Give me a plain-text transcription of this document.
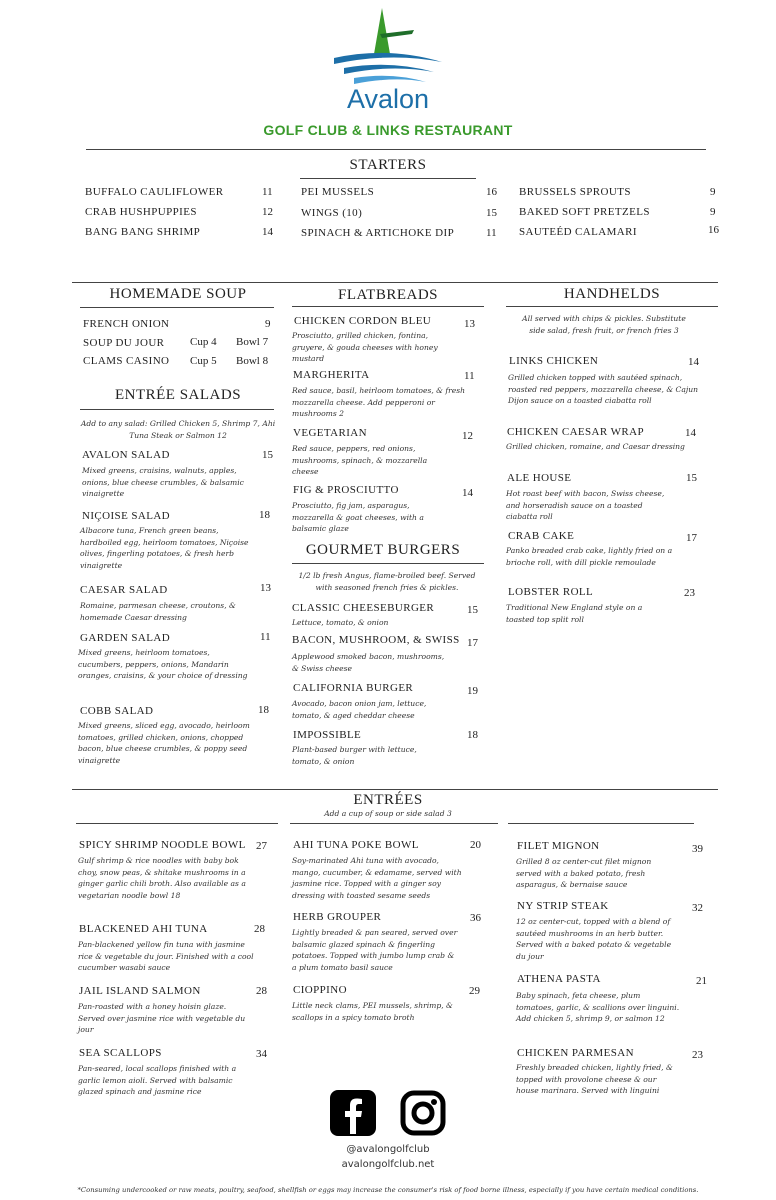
Avalon
GOLF CLUB & LINKS RESTAURANT
STARTERS
BUFFALO CAULIFLOWER	11
CRAB HUSHPUPPIES	12
BANG BANG SHRIMP	14
PEI MUSSELS	16
WINGS (10)	15
SPINACH & ARTICHOKE DIP	11
BRUSSELS SPROUTS	9
BAKED SOFT PRETZELS	9
SAUTEÉD CALAMARI	16
HOMEMADE SOUP
FRENCH ONION	9
SOUP DU JOUR Cup 4 Bowl 7
CLAMS CASINO Cup 5 Bowl 8
ENTRÉE SALADS
Add to any salad: Grilled Chicken 5, Shrimp 7, Ahi Tuna Steak or Salmon 12
AVALON SALAD	15
Mixed greens, craisins, walnuts, apples, onions, blue cheese crumbles, & balsamic vinaigrette
NIÇOISE SALAD	18
Albacore tuna, French green beans, hardboiled egg, heirloom tomatoes, Niçoise olives, fingerling potatoes, & fresh herb vinaigrette
CAESAR SALAD	13
Romaine, parmesan cheese, croutons, & homemade Caesar dressing
GARDEN SALAD	11
Mixed greens, heirloom tomatoes, cucumbers, peppers, onions, Mandarin oranges, craisins, & your choice of dressing
COBB SALAD	18
Mixed greens, sliced egg, avocado, heirloom tomatoes, grilled chicken, onions, chopped bacon, blue cheese crumbles, & poppy seed vinaigrette
FLATBREADS
CHICKEN CORDON BLEU	13
Prosciutto, grilled chicken, fontina, gruyere, & gouda cheeses with honey mustard
MARGHERITA	11
Red sauce, basil, heirloom tomatoes, & fresh mozzarella cheese. Add pepperoni or mushrooms 2
VEGETARIAN	12
Red sauce, peppers, red onions, mushrooms, spinach, & mozzarella cheese
FIG & PROSCIUTTO	14
Prosciutto, fig jam, asparagus, mozzarella & goat cheeses, with a balsamic glaze
GOURMET BURGERS
1/2 lb fresh Angus, flame-broiled beef. Served with seasoned french fries & pickles.
CLASSIC CHEESEBURGER	15
Lettuce, tomato, & onion
BACON, MUSHROOM, & SWISS 17
Applewood smoked bacon, mushrooms, & Swiss cheese
CALIFORNIA BURGER	19
Avocado, bacon onion jam, lettuce, tomato, & aged cheddar cheese
IMPOSSIBLE	18
Plant-based burger with lettuce, tomato, & onion
HANDHELDS
All served with chips & pickles. Substitute side salad, fresh fruit, or french fries 3
LINKS CHICKEN	14
Grilled chicken topped with sautéed spinach, roasted red peppers, mozzarella cheese, & Cajun Dijon sauce on a toasted ciabatta roll
CHICKEN CAESAR WRAP	14
Grilled chicken, romaine, and Caesar dressing
ALE HOUSE	15
Hot roast beef with bacon, Swiss cheese, and horseradish sauce on a toasted ciabatta roll
CRAB CAKE	17
Panko breaded crab cake, lightly fried on a brioche roll, with dill pickle remoulade
LOBSTER ROLL	23
Traditional New England style on a toasted top split roll
ENTRÉES
Add a cup of soup or side salad 3
SPICY SHRIMP NOODLE BOWL 27
Gulf shrimp & rice noodles with baby bok choy, snow peas, & shitake mushrooms in a ginger garlic chili broth. Also available as a vegetarian noodle bowl 18
BLACKENED AHI TUNA	28
Pan-blackened yellow fin tuna with jasmine rice & vegetable du jour. Finished with a cool cucumber wasabi sauce
JAIL ISLAND SALMON	28
Pan-roasted with a honey hoisin glaze. Served over jasmine rice with vegetable du jour
SEA SCALLOPS	34
Pan-seared, local scallops finished with a garlic lemon aioli. Served with balsamic glazed spinach and jasmine rice
AHI TUNA POKE BOWL	20
Soy-marinated Ahi tuna with avocado, mango, cucumber, & edamame, served with jasmine rice. Topped with a ginger soy dressing with toasted sesame seeds
HERB GROUPER	36
Lightly breaded & pan seared, served over balsamic glazed spinach & fingerling potatoes. Topped with jumbo lump crab & a plum tomato basil sauce
CIOPPINO	29
Little neck clams, PEI mussels, shrimp, & scallops in a spicy tomato broth
FILET MIGNON	39
Grilled 8 oz center-cut filet mignon served with a baked potato, fresh asparagus, & bernaise sauce
NY STRIP STEAK	32
12 oz center-cut, topped with a blend of sautéed mushrooms in an herb butter. Served with a baked potato & vegetable du jour
ATHENA PASTA	21
Baby spinach, feta cheese, plum tomatoes, garlic, & scallions over linguini. Add chicken 5, shrimp 9, or salmon 12
CHICKEN PARMESAN	23
Freshly breaded chicken, lightly fried, & topped with provolone cheese & our house marinara. Served with linguini
@avalongolfclub
avalongolfclub.net
*Consuming undercooked or raw meats, poultry, seafood, shellfish or eggs may increase the consumer's risk of food borne illness, especially if you have certain medical conditions.
